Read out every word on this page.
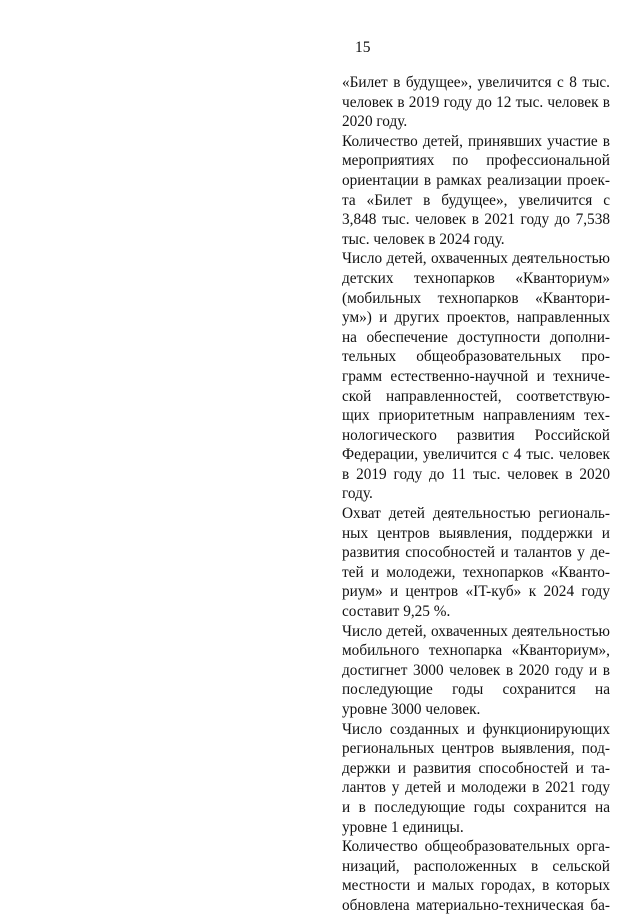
15
«Билет в будущее», увеличится с 8 тыс.
человек в 2019 году до 12 тыс. человек в
2020 году.
Количество детей, принявших участие в
мероприятиях по профессиональной
ориентации в рамках реализации проек-
та «Билет в будущее», увеличится с
3,848 тыс. человек в 2021 году до 7,538
тыс. человек в 2024 году.
Число детей, охваченных деятельностью
детских технопарков «Кванториум»
(мобильных технопарков «Квантори-
ум») и других проектов, направленных
на обеспечение доступности дополни-
тельных общеобразовательных про-
грамм естественно-научной и техниче-
ской направленностей, соответствую-
щих приоритетным направлениям тех-
нологического развития Российской
Федерации, увеличится с 4 тыс. человек
в 2019 году до 11 тыс. человек в 2020
году.
Охват детей деятельностью региональ-
ных центров выявления, поддержки и
развития способностей и талантов у де-
тей и молодежи, технопарков «Кванто-
риум» и центров «IT-куб» к 2024 году
составит 9,25 %.
Число детей, охваченных деятельностью
мобильного технопарка «Кванториум»,
достигнет 3000 человек в 2020 году и в
последующие годы сохранится на
уровне 3000 человек.
Число созданных и функционирующих
региональных центров выявления, под-
держки и развития способностей и та-
лантов у детей и молодежи в 2021 году
и в последующие годы сохранится на
уровне 1 единицы.
Количество общеобразовательных орга-
низаций, расположенных в сельской
местности и малых городах, в которых
обновлена материально-техническая ба-
